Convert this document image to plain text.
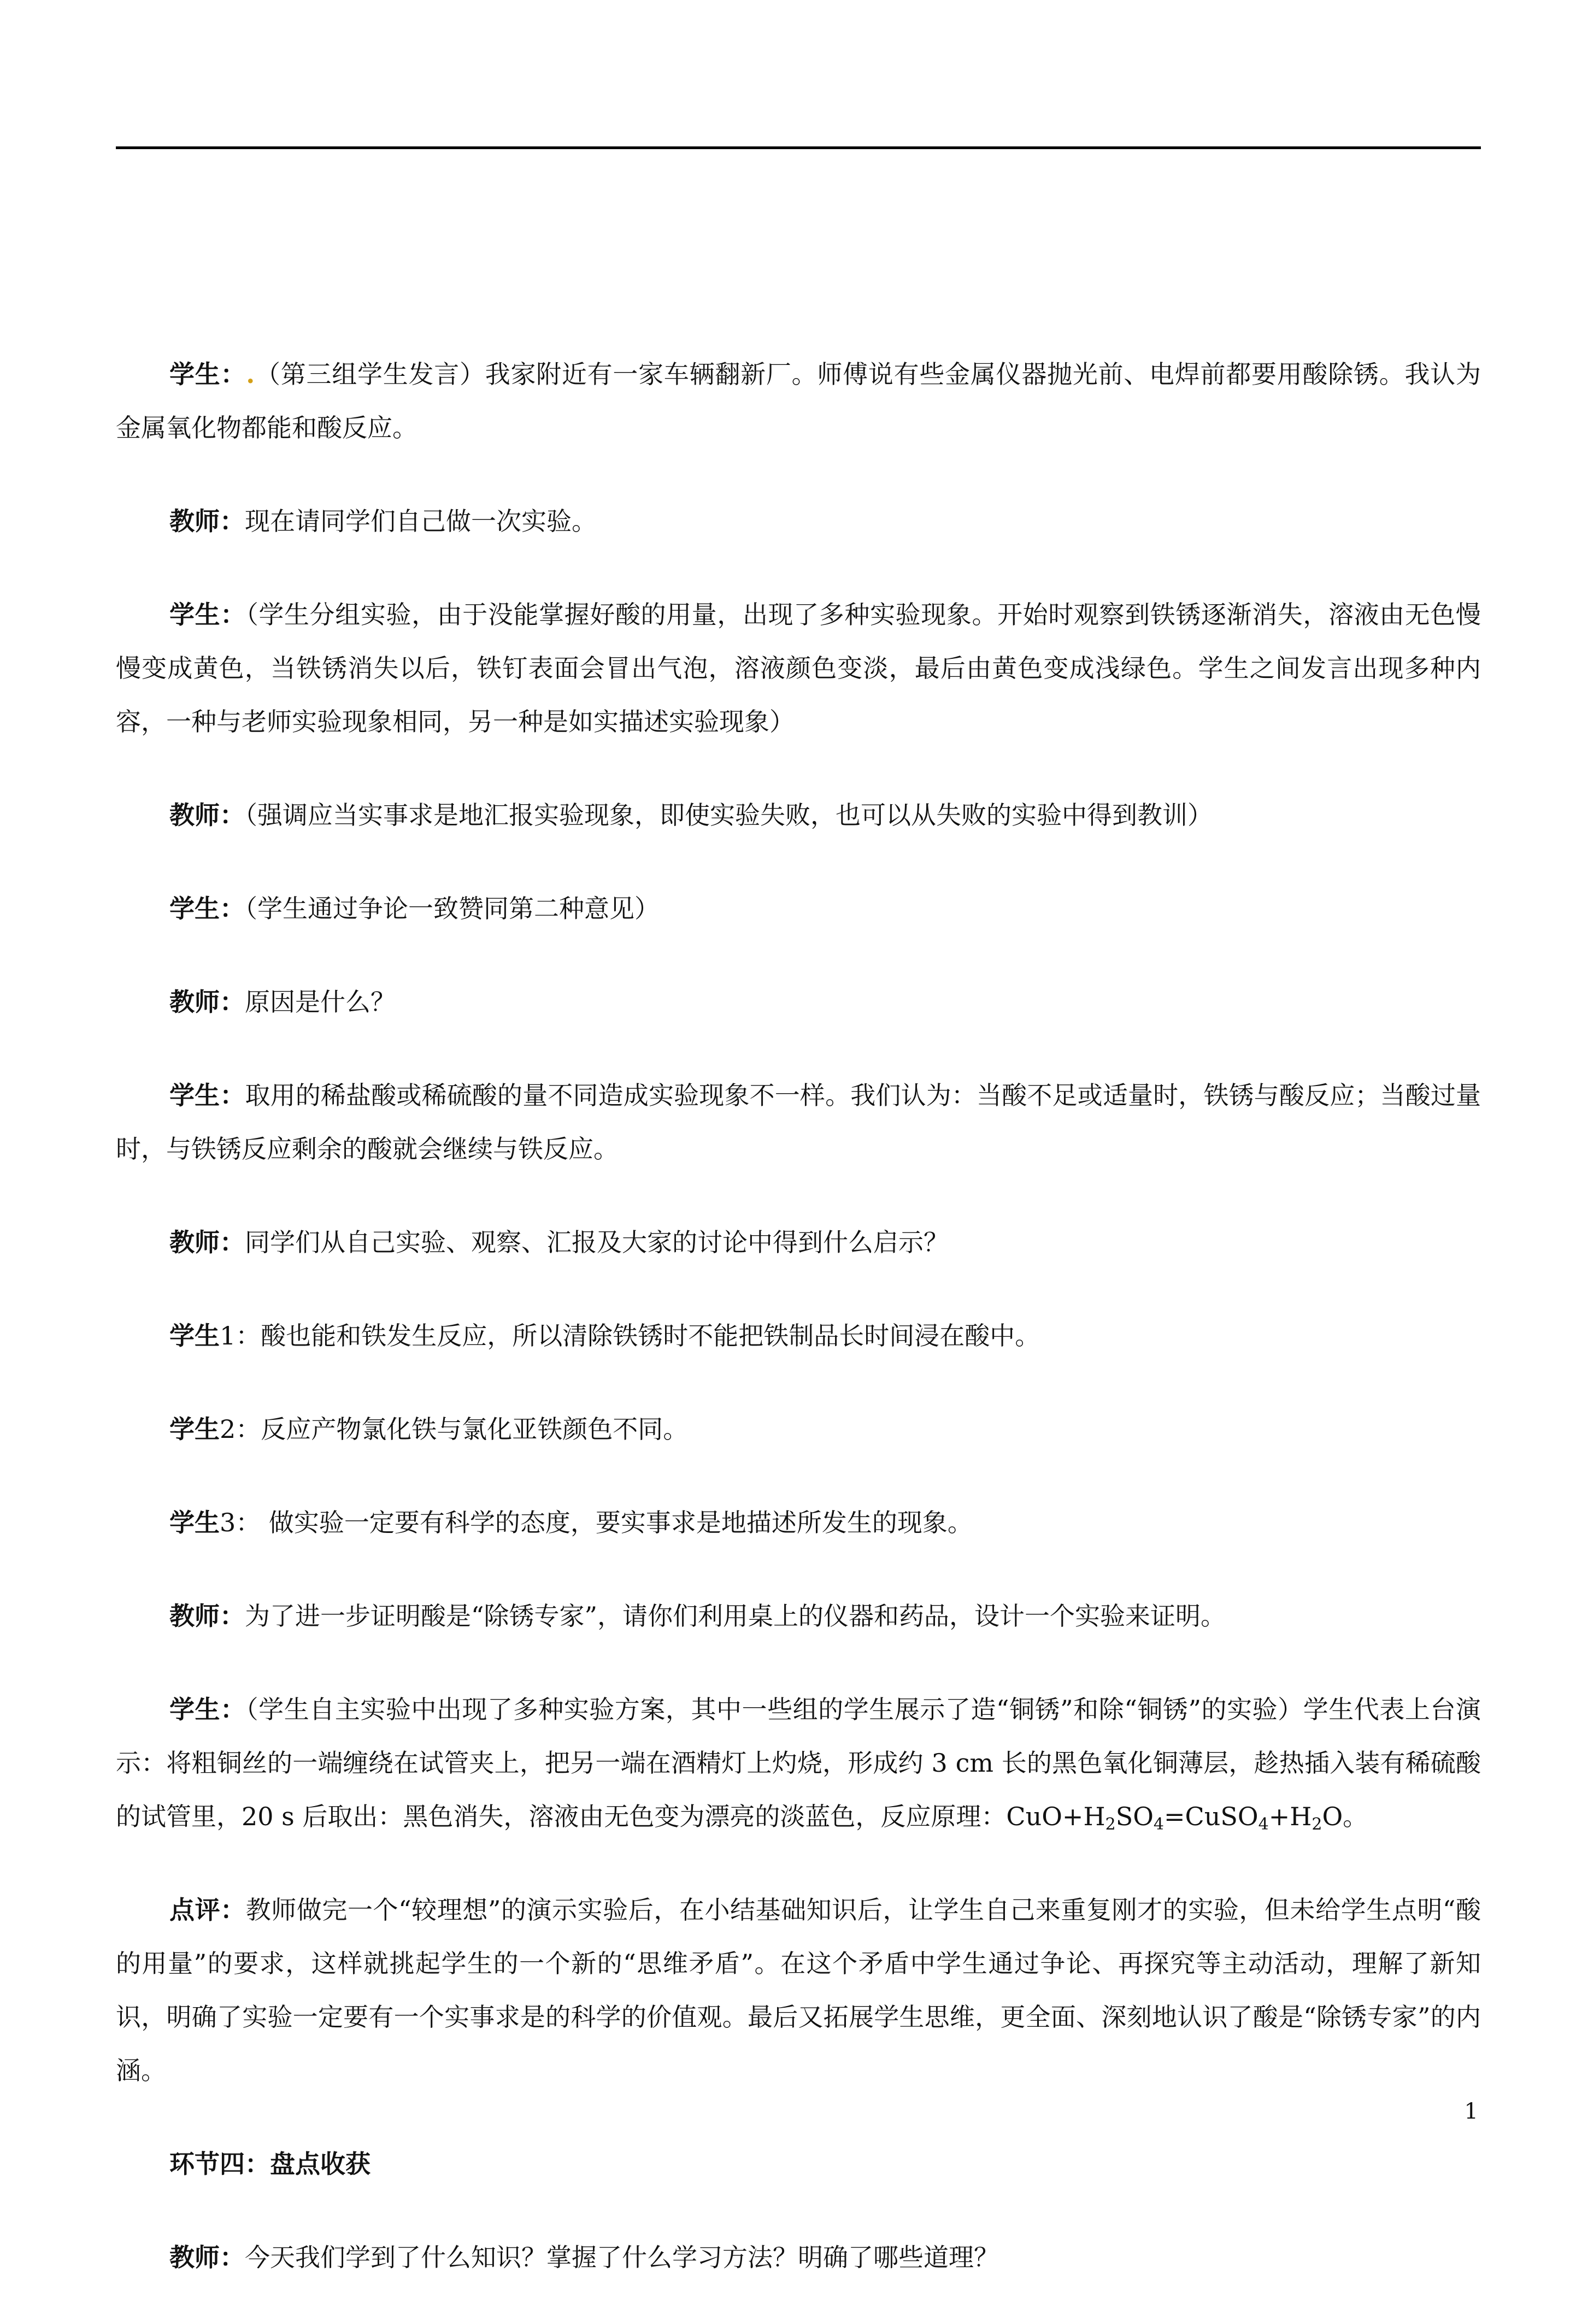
学生：.（第三组学生发言）我家附近有一家车辆翻新厂。师傅说有些金属仪器抛光前、电焊前都要用酸除锈。我认为金属氧化物都能和酸反应。

教师：现在请同学们自己做一次实验。

学生：（学生分组实验，由于没能掌握好酸的用量，出现了多种实验现象。开始时观察到铁锈逐渐消失，溶液由无色慢慢变成黄色，当铁锈消失以后，铁钉表面会冒出气泡，溶液颜色变淡，最后由黄色变成浅绿色。学生之间发言出现多种内容，一种与老师实验现象相同，另一种是如实描述实验现象）

教师：（强调应当实事求是地汇报实验现象，即使实验失败，也可以从失败的实验中得到教训）

学生：（学生通过争论一致赞同第二种意见）

教师：原因是什么？

学生：取用的稀盐酸或稀硫酸的量不同造成实验现象不一样。我们认为：当酸不足或适量时，铁锈与酸反应；当酸过量时，与铁锈反应剩余的酸就会继续与铁反应。

教师：同学们从自己实验、观察、汇报及大家的讨论中得到什么启示？

学生1：酸也能和铁发生反应，所以清除铁锈时不能把铁制品长时间浸在酸中。

学生2：反应产物氯化铁与氯化亚铁颜色不同。

学生3： 做实验一定要有科学的态度，要实事求是地描述所发生的现象。

教师：为了进一步证明酸是“除锈专家”，请你们利用桌上的仪器和药品，设计一个实验来证明。

学生：（学生自主实验中出现了多种实验方案，其中一些组的学生展示了造“铜锈”和除“铜锈”的实验）学生代表上台演示：将粗铜丝的一端缠绕在试管夹上，把另一端在酒精灯上灼烧，形成约 3 cm 长的黑色氧化铜薄层，趁热插入装有稀硫酸的试管里，20 s 后取出：黑色消失，溶液由无色变为漂亮的淡蓝色，反应原理：$CuO+H_2SO_4=CuSO_4+H_2O$。

点评：教师做完一个“较理想”的演示实验后，在小结基础知识后，让学生自己来重复刚才的实验，但未给学生点明“酸的用量”的要求，这样就挑起学生的一个新的“思维矛盾”。在这个矛盾中学生通过争论、再探究等主动活动，理解了新知识，明确了实验一定要有一个实事求是的科学的价值观。最后又拓展学生思维，更全面、深刻地认识了酸是“除锈专家”的内涵。

环节四：盘点收获

教师：今天我们学到了什么知识？掌握了什么学习方法？明确了哪些道理？

1
